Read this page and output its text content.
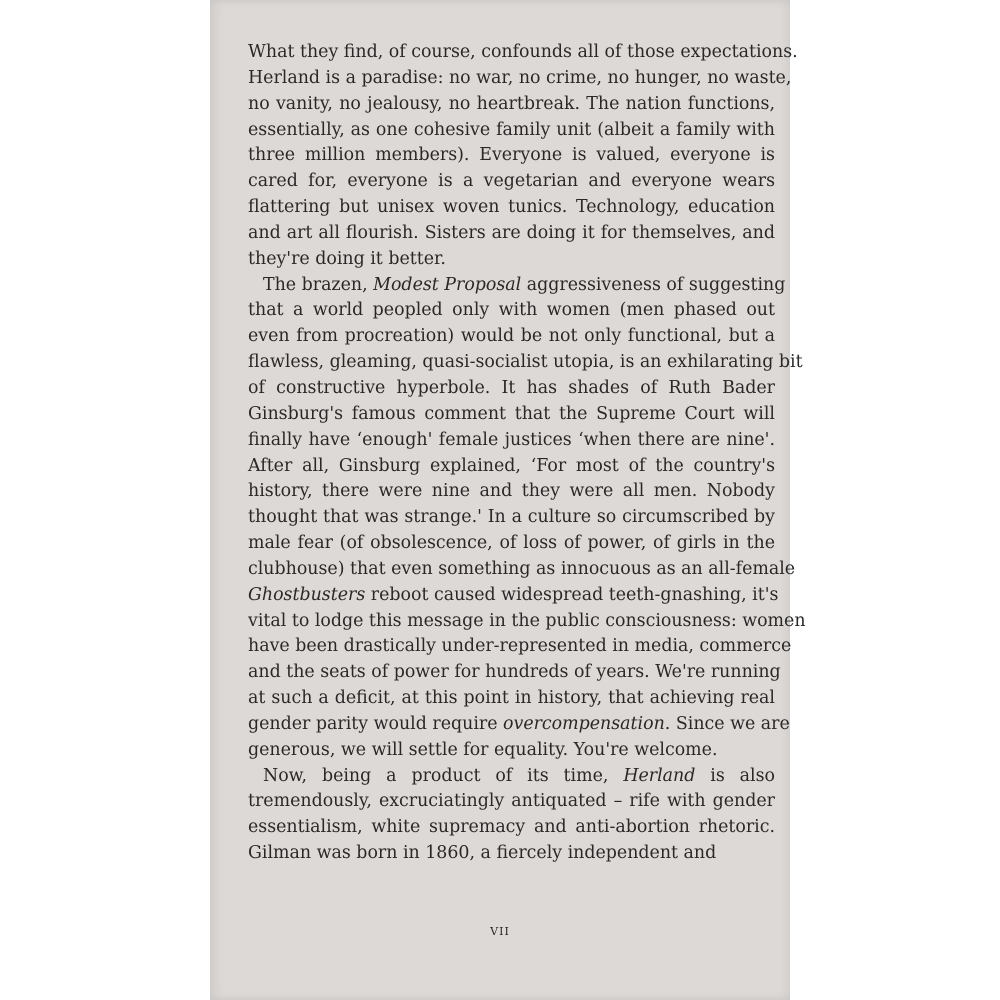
What they find, of course, confounds all of those expectations.
Herland is a paradise: no war, no crime, no hunger, no waste,
no vanity, no jealousy, no heartbreak. The nation functions,
essentially, as one cohesive family unit (albeit a family with
three million members). Everyone is valued, everyone is
cared for, everyone is a vegetarian and everyone wears
flattering but unisex woven tunics. Technology, education
and art all flourish. Sisters are doing it for themselves, and
they're doing it better.
The brazen, Modest Proposal aggressiveness of suggesting
that a world peopled only with women (men phased out
even from procreation) would be not only functional, but a
flawless, gleaming, quasi-socialist utopia, is an exhilarating bit
of constructive hyperbole. It has shades of Ruth Bader
Ginsburg's famous comment that the Supreme Court will
finally have ‘enough' female justices ‘when there are nine'.
After all, Ginsburg explained, ‘For most of the country's
history, there were nine and they were all men. Nobody
thought that was strange.' In a culture so circumscribed by
male fear (of obsolescence, of loss of power, of girls in the
clubhouse) that even something as innocuous as an all-female
Ghostbusters reboot caused widespread teeth-gnashing, it's
vital to lodge this message in the public consciousness: women
have been drastically under-represented in media, commerce
and the seats of power for hundreds of years. We're running
at such a deficit, at this point in history, that achieving real
gender parity would require overcompensation. Since we are
generous, we will settle for equality. You're welcome.
Now, being a product of its time, Herland is also
tremendously, excruciatingly antiquated – rife with gender
essentialism, white supremacy and anti-abortion rhetoric.
Gilman was born in 1860, a fiercely independent and
VII
